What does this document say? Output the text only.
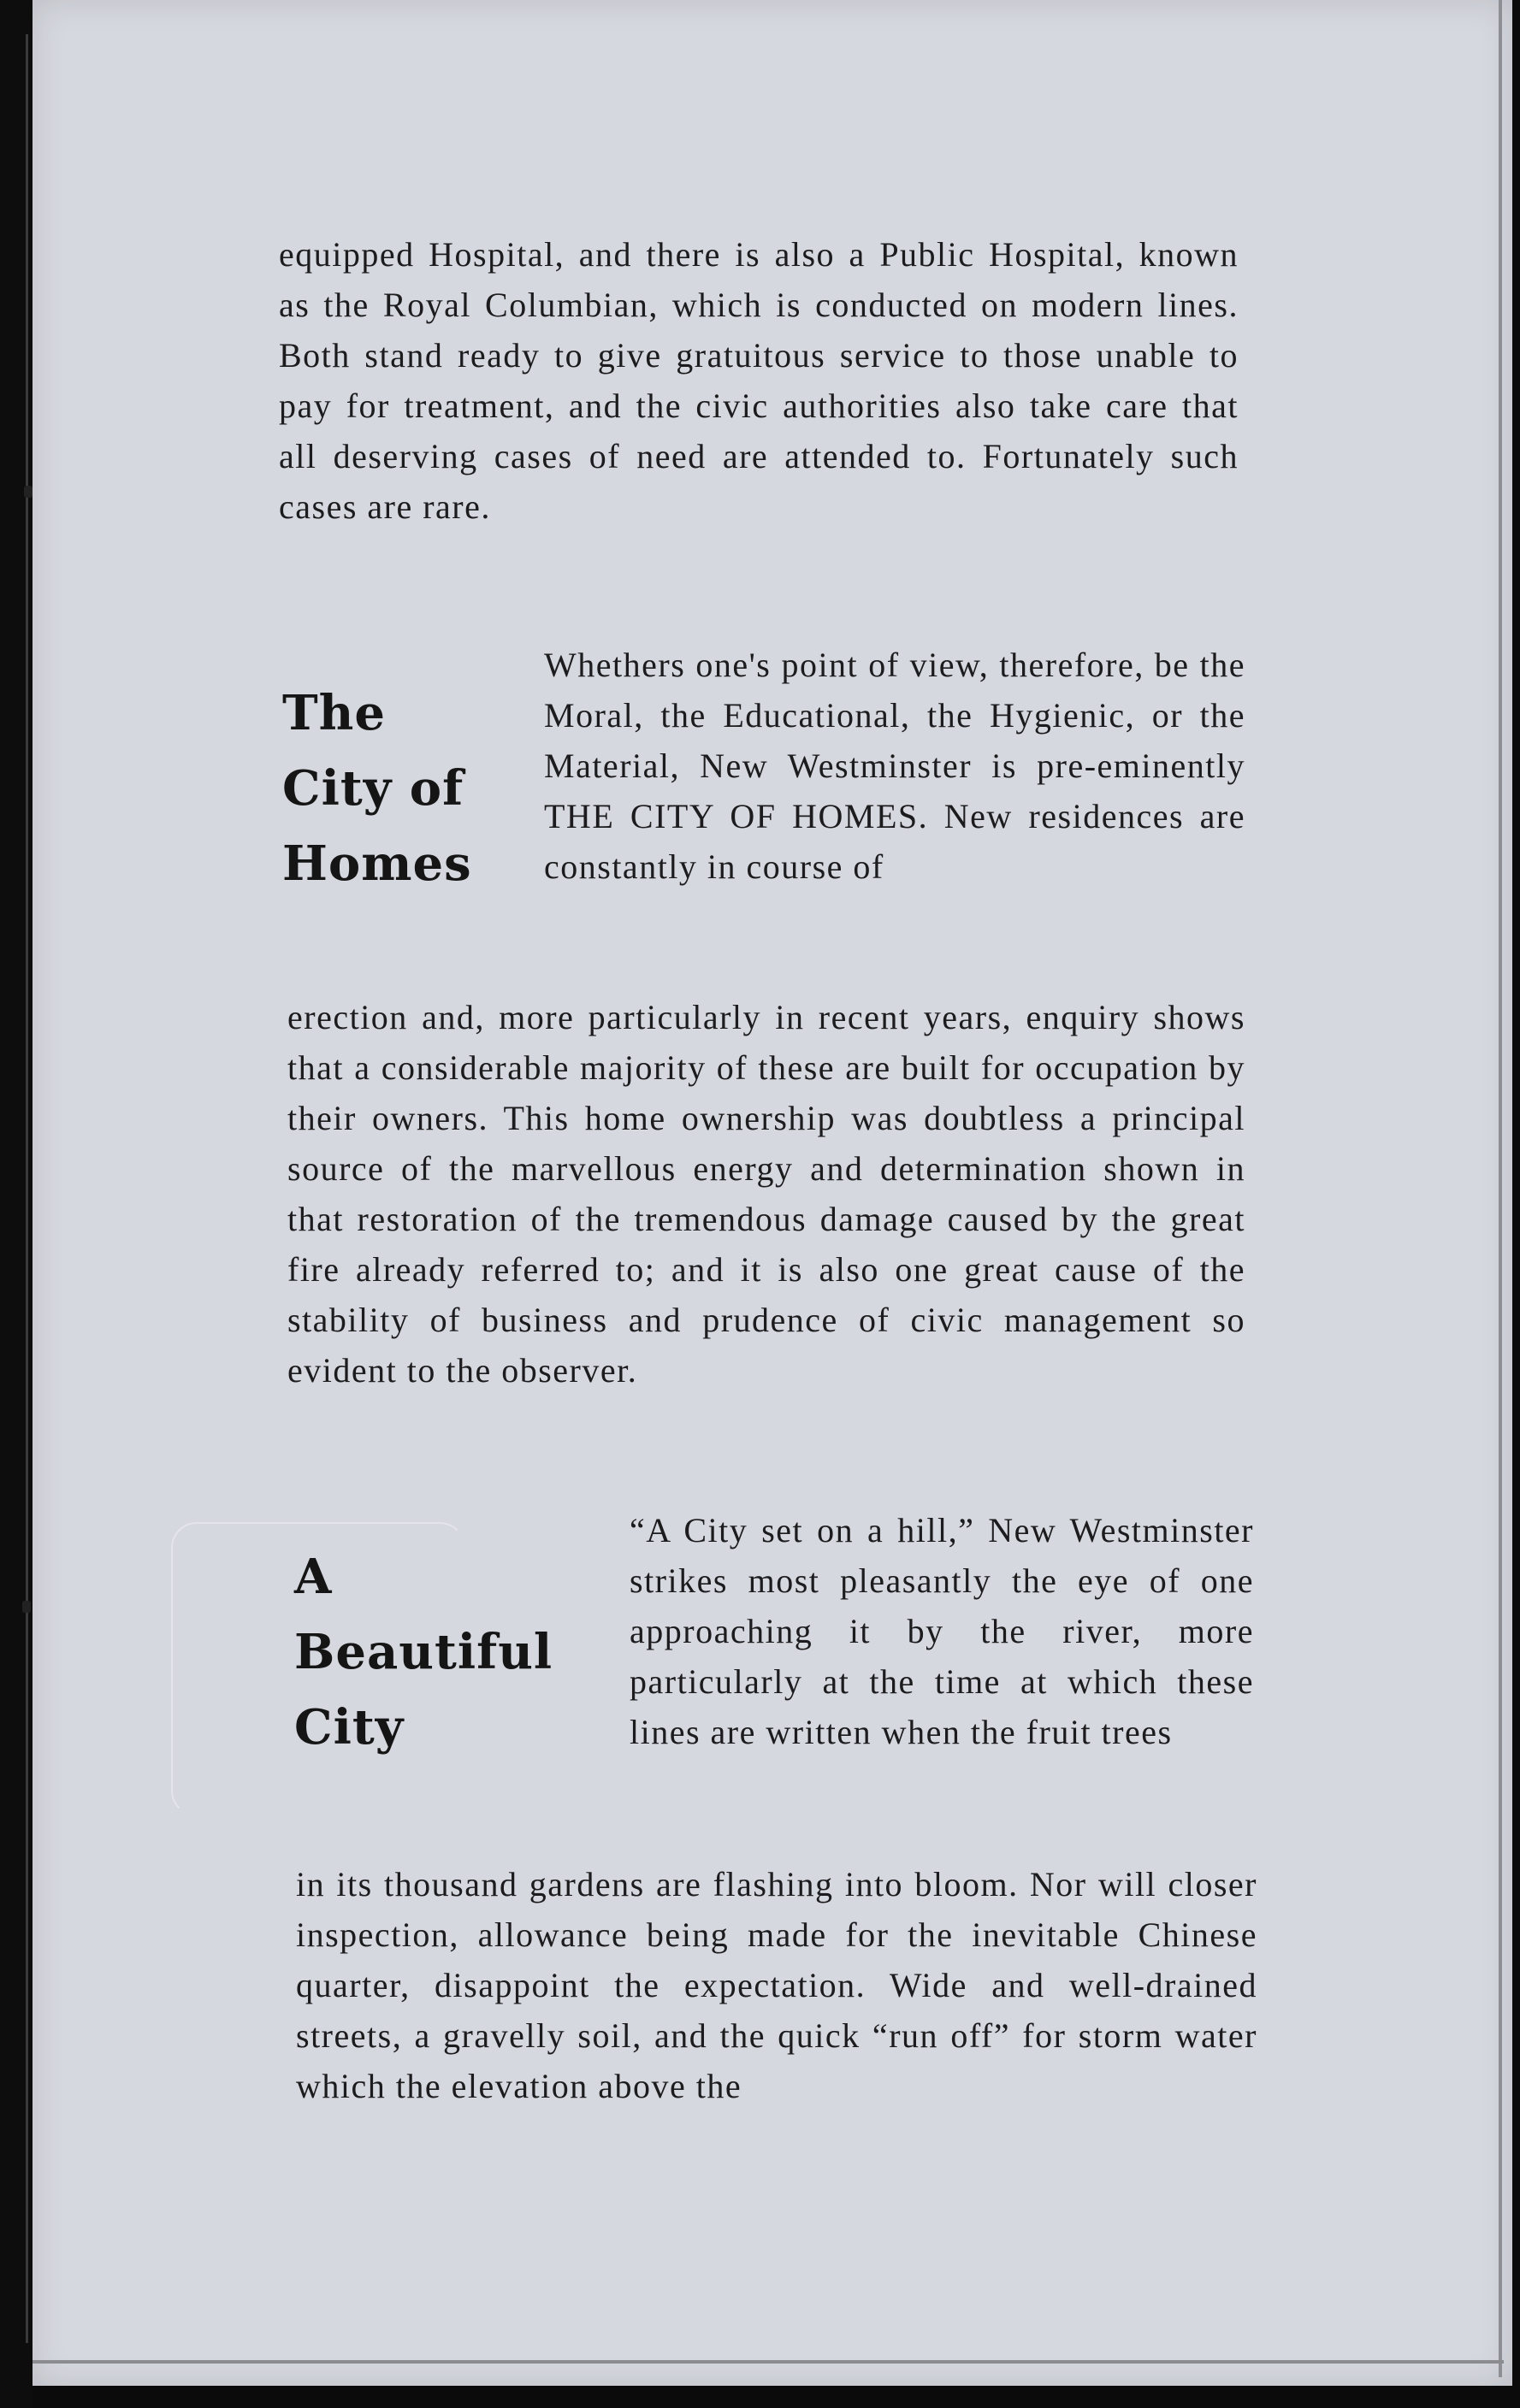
equipped Hospital, and there is also a Public Hospital, known as the Royal Columbian, which is conducted on modern lines. Both stand ready to give gratuitous service to those unable to pay for treatment, and the civic authorities also take care that all deserving cases of need are attended to. Fortunately such cases are rare.

The
City of
Homes

Whethers one's point of view, therefore, be the Moral, the Educational, the Hygienic, or the Material, New Westminster is pre-eminently THE CITY OF HOMES. New residences are constantly in course of

erection and, more particularly in recent years, enquiry shows that a considerable majority of these are built for occupation by their owners. This home ownership was doubtless a principal source of the marvellous energy and determination shown in that restoration of the tremendous damage caused by the great fire already referred to; and it is also one great cause of the stability of business and prudence of civic management so evident to the observer.

A
Beautiful
City

“A City set on a hill,” New Westminster strikes most pleasantly the eye of one approaching it by the river, more particularly at the time at which these lines are written when the fruit trees

in its thousand gardens are flashing into bloom. Nor will closer inspection, allowance being made for the inevitable Chinese quarter, disappoint the expectation. Wide and well-drained streets, a gravelly soil, and the quick “run off” for storm water which the elevation above the
